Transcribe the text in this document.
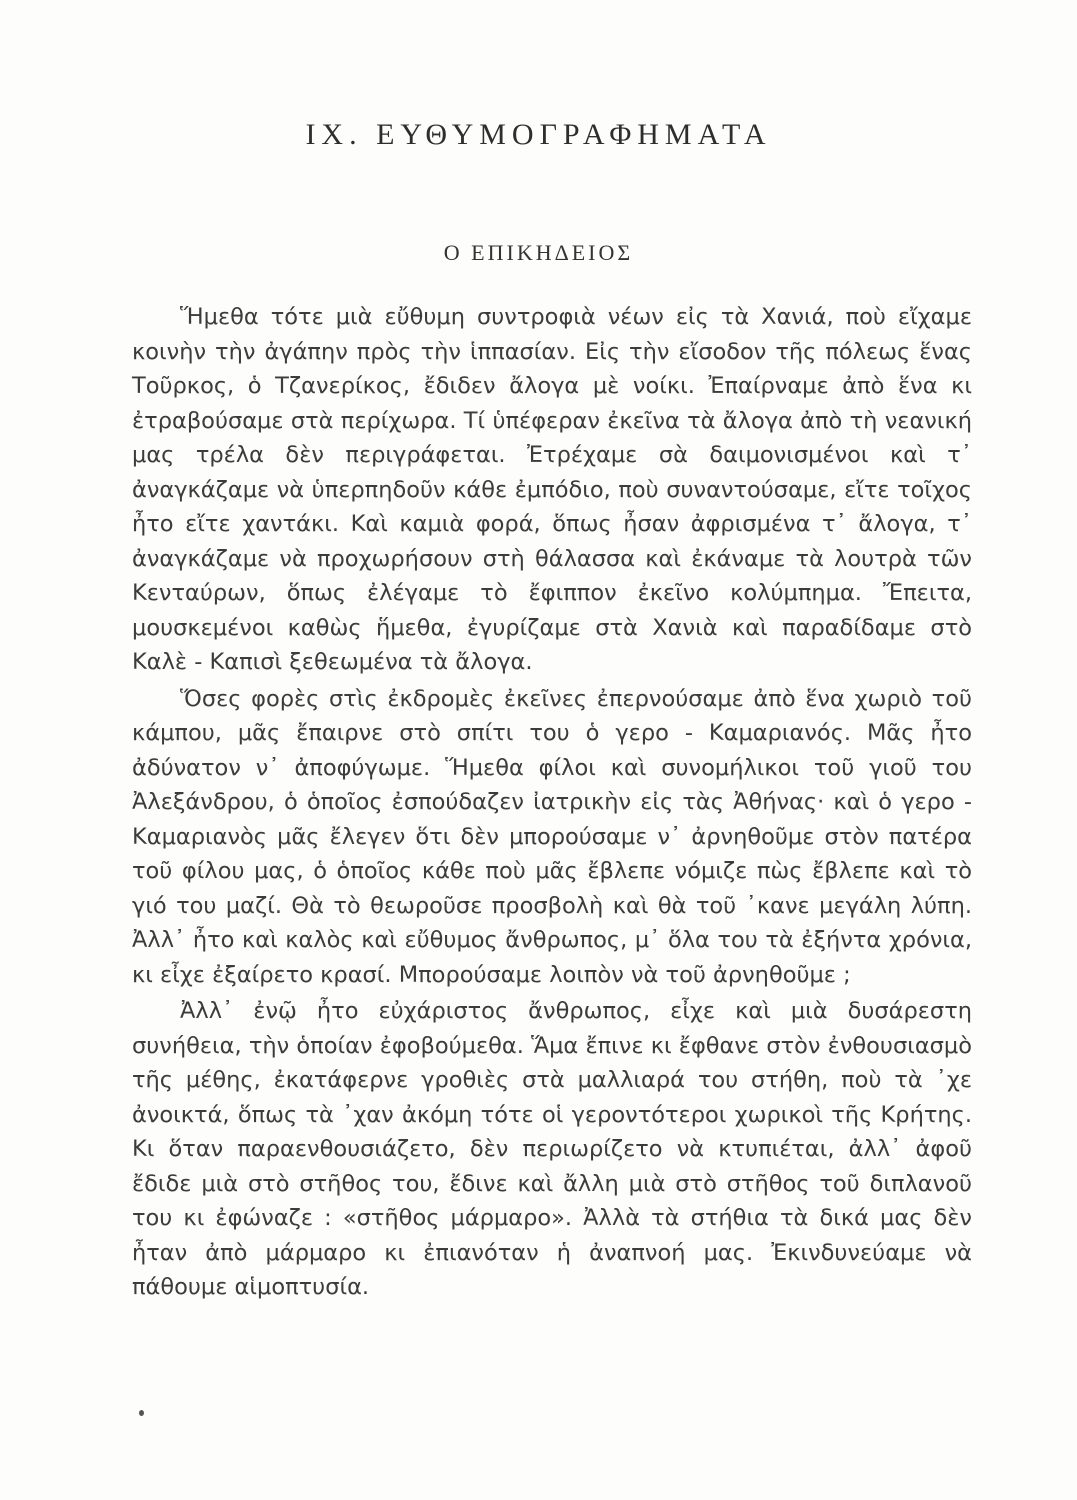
IX. ΕΥΘΥΜΟΓΡΑΦΗΜΑΤΑ
Ο ΕΠΙΚΗΔΕΙΟΣ

Ἥμεθα τότε μιὰ εὔθυμη συντροφιὰ νέων εἰς τὰ Χανιά, ποὺ εἴχαμε κοινὴν τὴν ἀγάπην πρὸς τὴν ἱππασίαν. Εἰς τὴν εἴσοδον τῆς πόλεως ἕνας Τοῦρκος, ὁ Τζανερίκος, ἔδιδεν ἄλογα μὲ νοίκι. Ἐπαίρναμε ἀπὸ ἕνα κι ἐτραβούσαμε στὰ περίχωρα. Τί ὑπέφεραν ἐκεῖνα τὰ ἄλογα ἀπὸ τὴ νεανική μας τρέλα δὲν περιγράφεται. Ἐτρέχαμε σὰ δαιμονισμένοι καὶ τ᾽ ἀναγκάζαμε νὰ ὑπερπηδοῦν κάθε ἐμπόδιο, ποὺ συναντούσαμε, εἴτε τοῖχος ἦτο εἴτε χαντάκι. Καὶ καμιὰ φορά, ὅπως ἦσαν ἀφρισμένα τ᾽ ἄλογα, τ᾽ ἀναγκάζαμε νὰ προχωρήσουν στὴ θάλασσα καὶ ἐκάναμε τὰ λουτρὰ τῶν Κενταύρων, ὅπως ἐλέγαμε τὸ ἔφιππον ἐκεῖνο κολύμπημα. Ἔπειτα, μουσκεμένοι καθὼς ἥμεθα, ἐγυρίζαμε στὰ Χανιὰ καὶ παραδίδαμε στὸ Καλὲ - Καπισὶ ξεθεωμένα τὰ ἄλογα.

Ὅσες φορὲς στὶς ἐκδρομὲς ἐκεῖνες ἐπερνούσαμε ἀπὸ ἕνα χωριὸ τοῦ κάμπου, μᾶς ἔπαιρνε στὸ σπίτι του ὁ γερο - Καμαριανός. Μᾶς ἦτο ἀδύνατον ν᾽ ἀποφύγωμε. Ἥμεθα φίλοι καὶ συνομήλικοι τοῦ γιοῦ του Ἀλεξάνδρου, ὁ ὁποῖος ἐσπούδαζεν ἰατρικὴν εἰς τὰς Ἀθήνας· καὶ ὁ γερο - Καμαριανὸς μᾶς ἔλεγεν ὅτι δὲν μπορούσαμε ν᾽ ἀρνηθοῦμε στὸν πατέρα τοῦ φίλου μας, ὁ ὁποῖος κάθε ποὺ μᾶς ἔβλεπε νόμιζε πὼς ἔβλεπε καὶ τὸ γιό του μαζί. Θὰ τὸ θεωροῦσε προσβολὴ καὶ θὰ τοῦ ᾽κανε μεγάλη λύπη. Ἀλλ᾽ ἦτο καὶ καλὸς καὶ εὔθυμος ἄνθρωπος, μ᾽ ὅλα του τὰ ἐξήντα χρόνια, κι εἶχε ἐξαίρετο κρασί. Μπορούσαμε λοιπὸν νὰ τοῦ ἀρνηθοῦμε ;

Ἀλλ᾽ ἐνῷ ἦτο εὐχάριστος ἄνθρωπος, εἶχε καὶ μιὰ δυσάρεστη συνήθεια, τὴν ὁποίαν ἐφοβούμεθα. Ἅμα ἔπινε κι ἔφθανε στὸν ἐνθουσιασμὸ τῆς μέθης, ἐκατάφερνε γροθιὲς στὰ μαλλιαρά του στήθη, ποὺ τὰ ᾽χε ἀνοικτά, ὅπως τὰ ᾽χαν ἀκόμη τότε οἱ γεροντότεροι χωρικοὶ τῆς Κρήτης. Κι ὅταν παραενθουσιάζετο, δὲν περιωρίζετο νὰ κτυπιέται, ἀλλ᾽ ἀφοῦ ἔδιδε μιὰ στὸ στῆθος του, ἔδινε καὶ ἄλλη μιὰ στὸ στῆθος τοῦ διπλανοῦ του κι ἐφώναζε : «στῆθος μάρμαρο». Ἀλλὰ τὰ στήθια τὰ δικά μας δὲν ἦταν ἀπὸ μάρμαρο κι ἐπιανόταν ἡ ἀναπνοή μας. Ἐκινδυνεύαμε νὰ πάθουμε αἱμοπτυσία.
